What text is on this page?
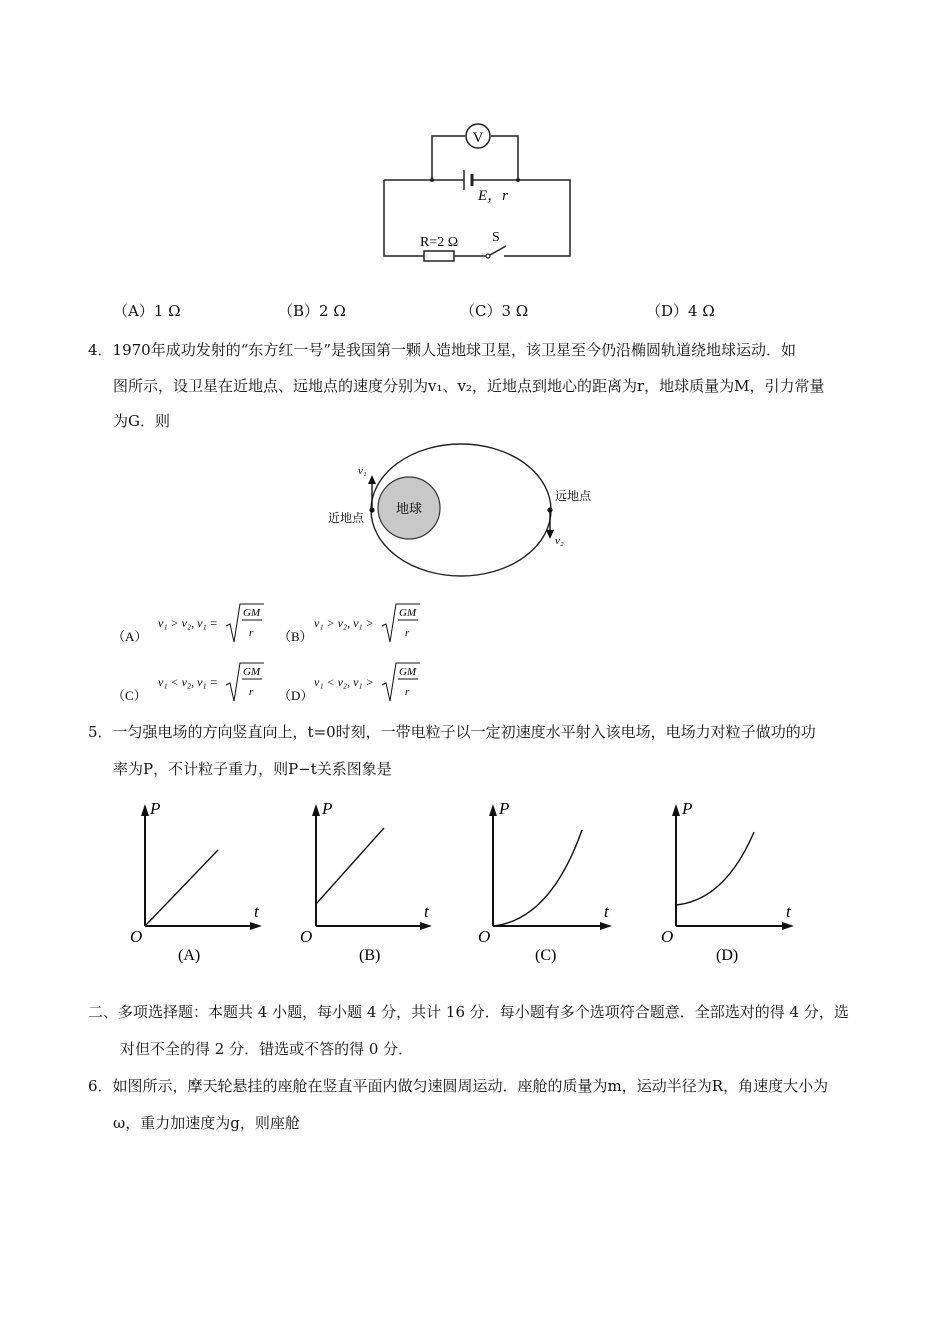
V
E，r
R=2 Ω S
（A）1 Ω	（B）2 Ω	（C）3 Ω	（D）4 Ω
4．1970年成功发射的“东方红一号”是我国第一颗人造地球卫星，该卫星至今仍沿椭圆轨道绕地球运动．如
图所示，设卫星在近地点、远地点的速度分别为v₁、v₂，近地点到地心的距离为r，地球质量为M，引力常量
为G．则
地球
v₁
v₂
近地点
远地点
（A）
v₁ > v₂, v₁ =
GM
r （B）
v₁ > v₂, v₁ >
GM
r
（C）
v₁ < v₂, v₁ =
GM
r （D）
v₁ < v₂, v₁ >
GM
r
5．一匀强电场的方向竖直向上，t=0时刻，一带电粒子以一定初速度水平射入该电场，电场力对粒子做功的功
率为P，不计粒子重力，则P−t关系图象是
P
t
O
(A)
P
t
O
(B)
P
t
O
(C)
P
t
O
(D)
二、多项选择题：本题共 4 小题，每小题 4 分，共计 16 分．每小题有多个选项符合题意．全部选对的得 4 分，选
对但不全的得 2 分．错选或不答的得 0 分．
6．如图所示，摩天轮悬挂的座舱在竖直平面内做匀速圆周运动．座舱的质量为m，运动半径为R，角速度大小为
ω，重力加速度为g，则座舱
